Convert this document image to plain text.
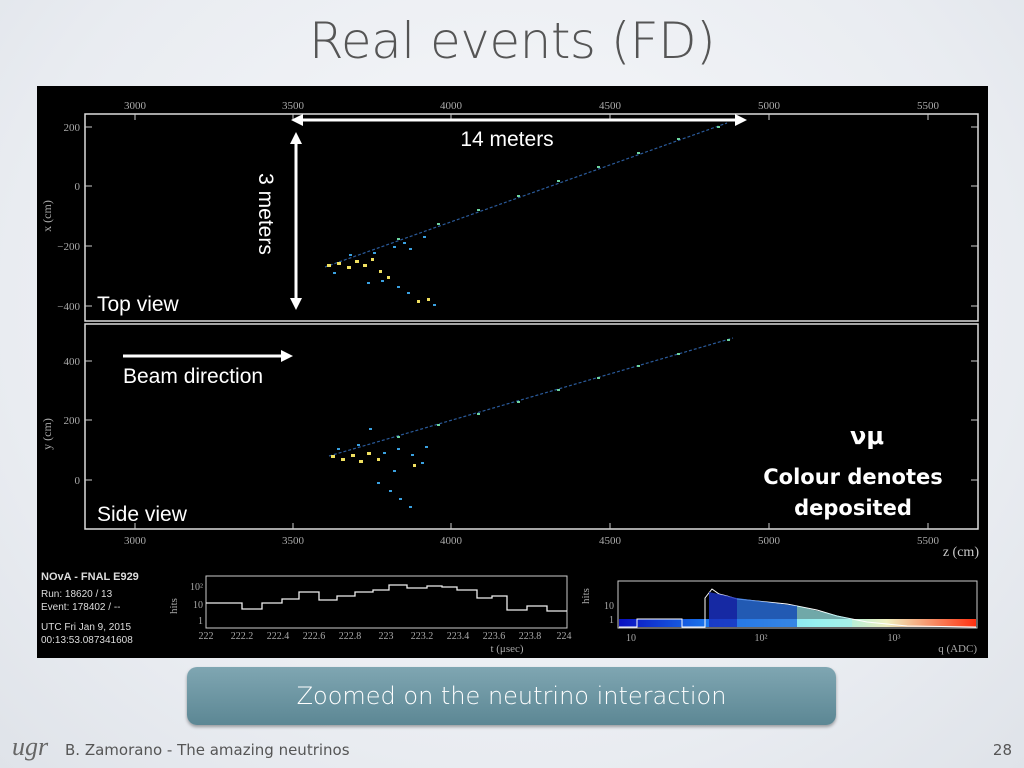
Real events (FD)
3000	3500	4000	4500	5000	5500
200
0
−200
−400
x (cm)
14 meters
3 meters
Top view
400
200
0
y (cm)
Beam direction
Side view
νμ
Colour denotes
deposited
3000	3500	4000	4500	5000	5500
z (cm)
NOvA - FNAL E929
Run: 18620 / 13
Event: 178402 / --
UTC Fri Jan 9, 2015
00:13:53.087341608
hits
10²
10
1
222 222.2 222.4 222.6 222.8 223 223.2 223.4 223.6 223.8 224
t (μsec)
hits
10
1
10	10²	10³
q (ADC)
Zoomed on the neutrino interaction
ugr B. Zamorano - The amazing neutrinos	28
